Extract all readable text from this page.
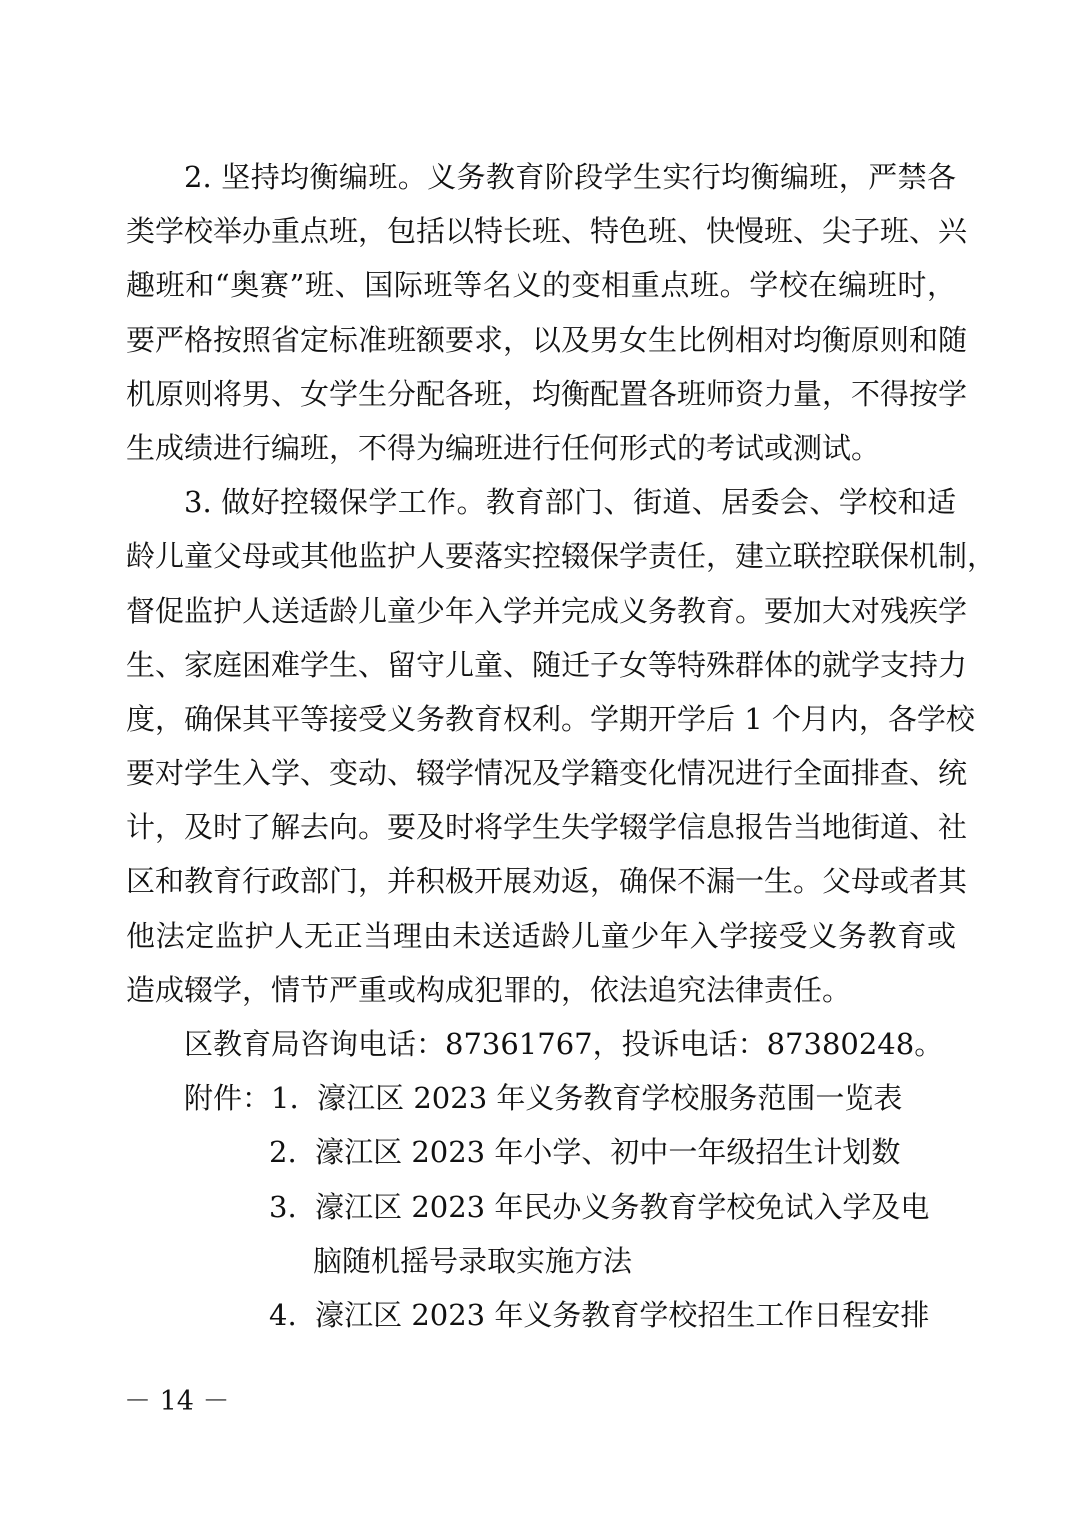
2. 坚持均衡编班。义务教育阶段学生实行均衡编班，严禁各
类学校举办重点班，包括以特长班、特色班、快慢班、尖子班、兴
趣班和“奥赛”班、国际班等名义的变相重点班。学校在编班时，
要严格按照省定标准班额要求，以及男女生比例相对均衡原则和随
机原则将男、女学生分配各班，均衡配置各班师资力量，不得按学
生成绩进行编班，不得为编班进行任何形式的考试或测试。
3. 做好控辍保学工作。教育部门、街道、居委会、学校和适
龄儿童父母或其他监护人要落实控辍保学责任，建立联控联保机制，
督促监护人送适龄儿童少年入学并完成义务教育。要加大对残疾学
生、家庭困难学生、留守儿童、随迁子女等特殊群体的就学支持力
度，确保其平等接受义务教育权利。学期开学后 1 个月内，各学校
要对学生入学、变动、辍学情况及学籍变化情况进行全面排查、统
计，及时了解去向。要及时将学生失学辍学信息报告当地街道、社
区和教育行政部门，并积极开展劝返，确保不漏一生。父母或者其
他法定监护人无正当理由未送适龄儿童少年入学接受义务教育或
造成辍学，情节严重或构成犯罪的，依法追究法律责任。
区教育局咨询电话：87361767，投诉电话：87380248。
附件：1. 濠江区 2023 年义务教育学校服务范围一览表
2. 濠江区 2023 年小学、初中一年级招生计划数
3. 濠江区 2023 年民办义务教育学校免试入学及电
脑随机摇号录取实施方法
4. 濠江区 2023 年义务教育学校招生工作日程安排
－ 14 －
